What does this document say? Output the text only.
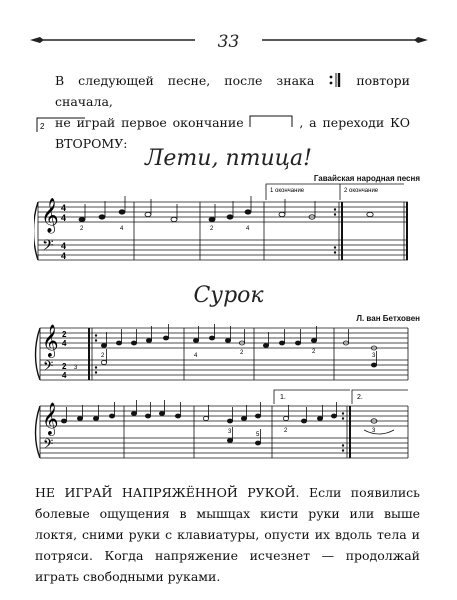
33

В следующей песне, после знака	повтори сначала,

не играй первое окончание	, а переходи КО ВТОРОМУ:

2
Лети, птица!
Гавайская народная песня
1 окончание	2 окончание
𝄞
𝄢
4
4
4
4
2	4	2	4
Сурок
Л. ван Бетховен
𝄞
𝄢
2
4
2
4
2	4	2	2
3
3
1.	2.
𝄞
𝄢
3	5
2	3
НЕ ИГРАЙ НАПРЯЖЁННОЙ РУКОЙ. Если появились болевые ощущения в мышцах кисти руки или выше локтя, сними руки с клавиатуры, опусти их вдоль тела и потряси. Когда напряжение исчезнет — продолжай играть свободными руками.
